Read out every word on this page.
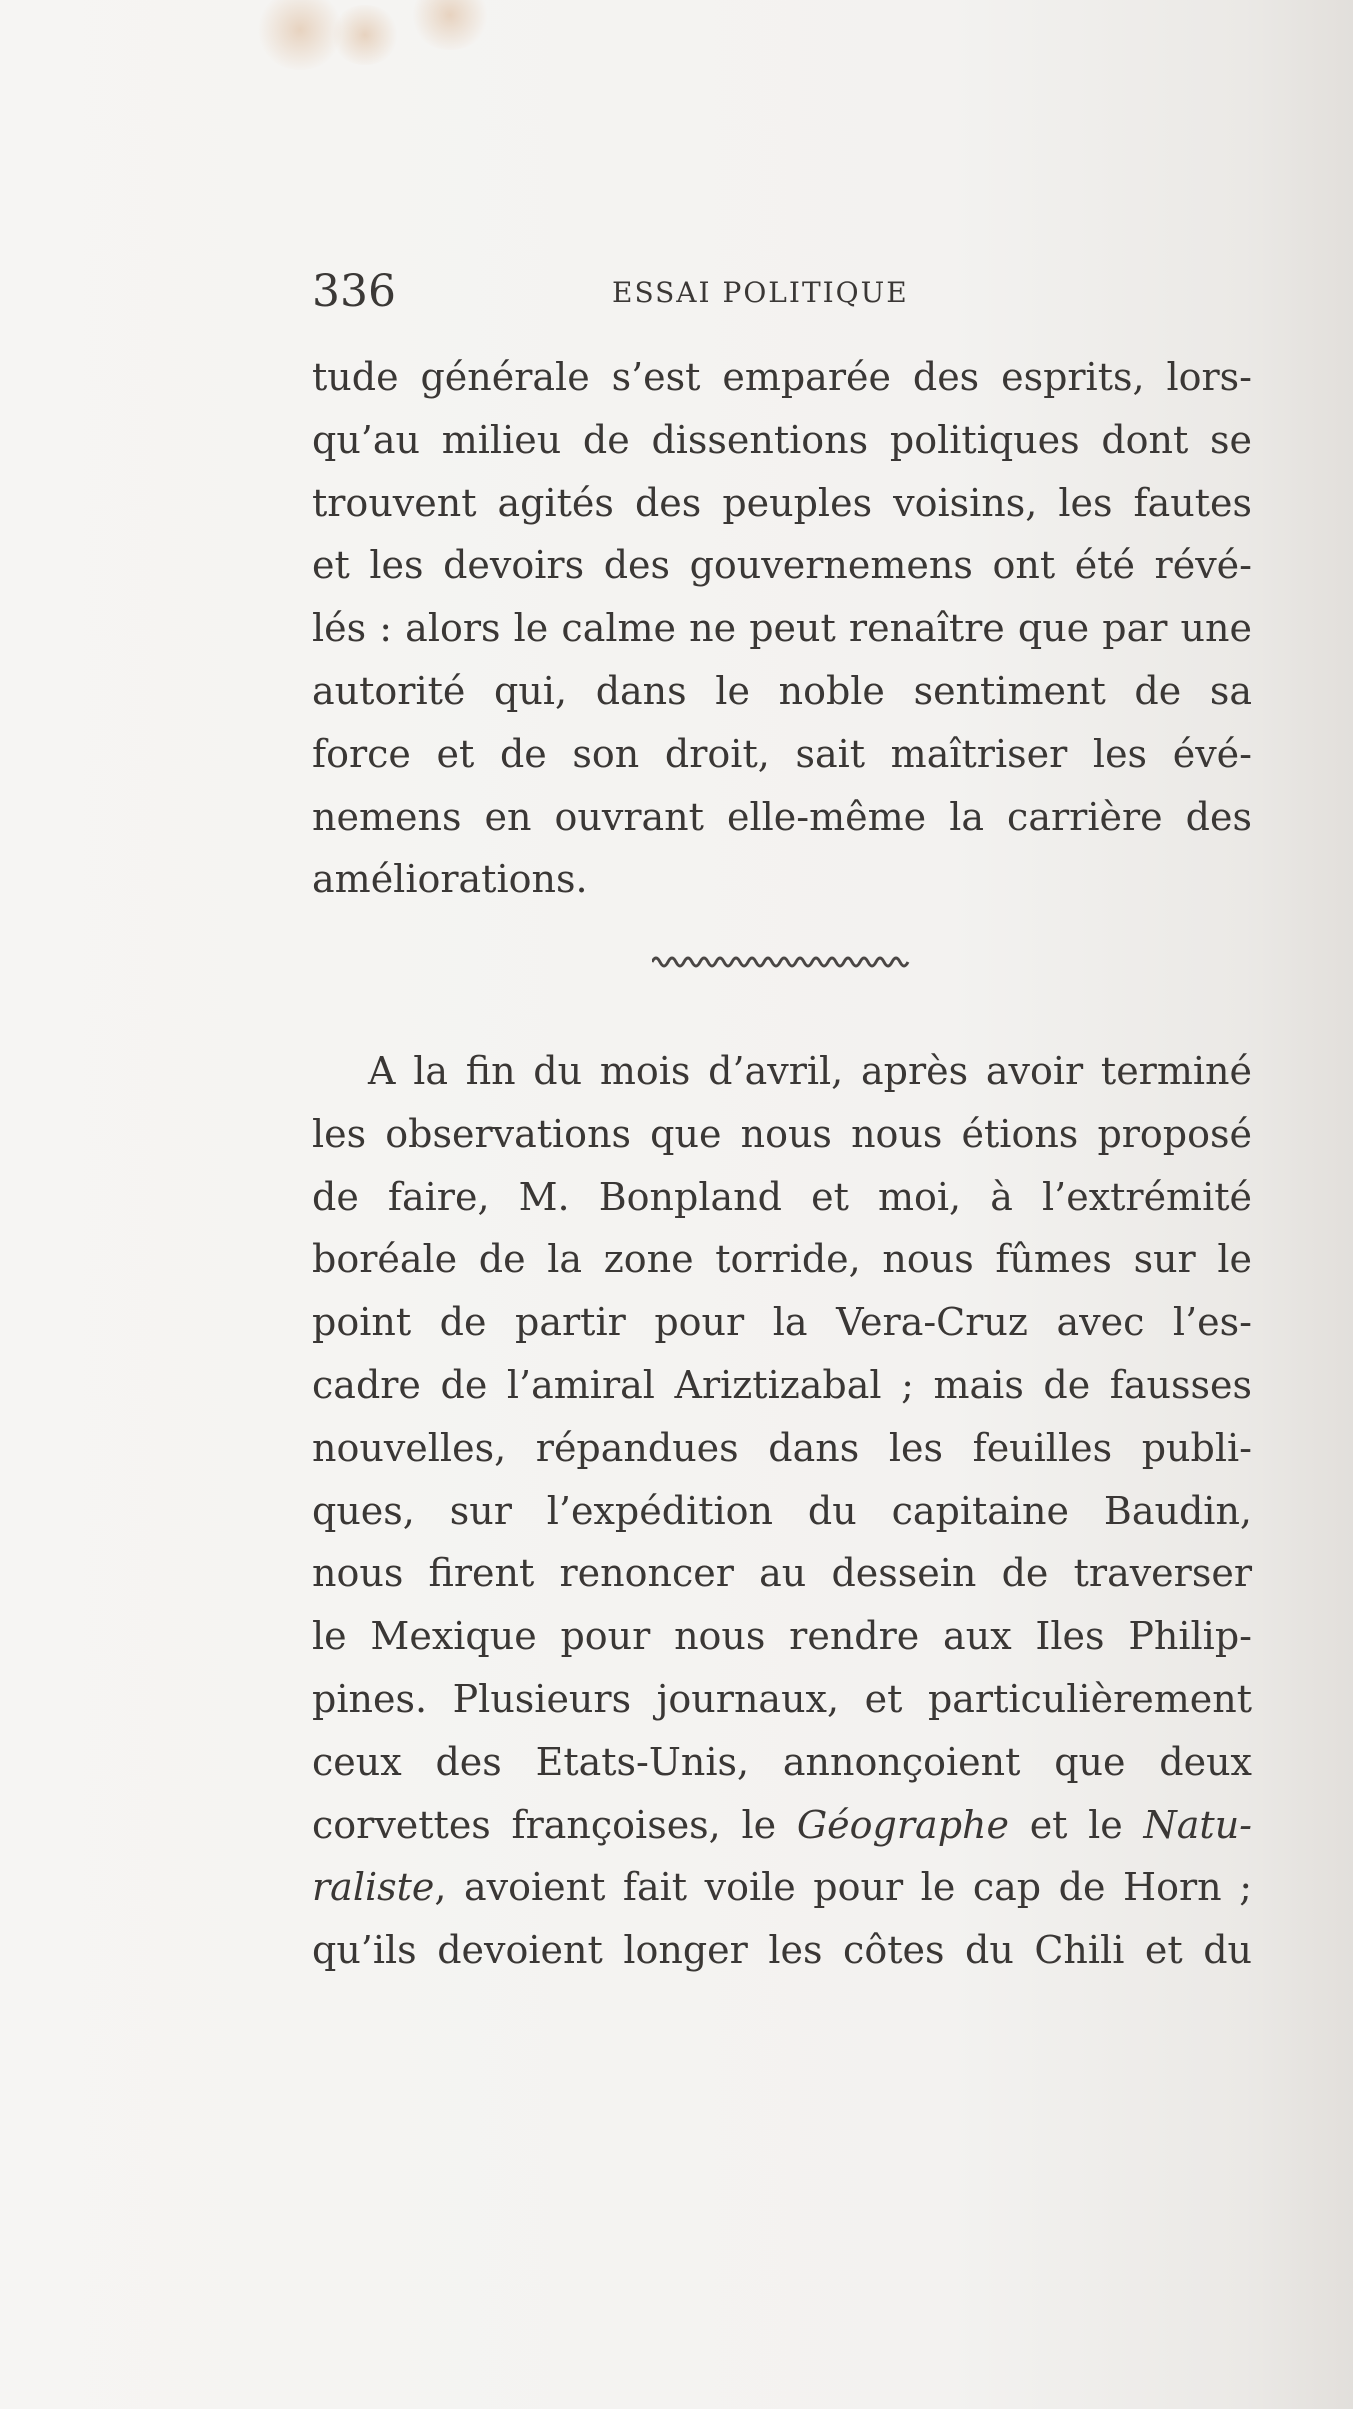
336	ESSAI POLITIQUE
tude générale s’est emparée des esprits, lors-
qu’au milieu de dissentions politiques dont se
trouvent agités des peuples voisins, les fautes
et les devoirs des gouvernemens ont été révé-
lés : alors le calme ne peut renaître que par une
autorité qui, dans le noble sentiment de sa
force et de son droit, sait maîtriser les évé-
nemens en ouvrant elle-même la carrière des
améliorations.
A la fin du mois d’avril, après avoir terminé
les observations que nous nous étions proposé
de faire, M. Bonpland et moi, à l’extrémité
boréale de la zone torride, nous fûmes sur le
point de partir pour la Vera-Cruz avec l’es-
cadre de l’amiral Ariztizabal ; mais de fausses
nouvelles, répandues dans les feuilles publi-
ques, sur l’expédition du capitaine Baudin,
nous firent renoncer au dessein de traverser
le Mexique pour nous rendre aux Iles Philip-
pines. Plusieurs journaux, et particulièrement
ceux des Etats-Unis, annonçoient que deux
corvettes françoises, le Géographe et le Natu-
raliste, avoient fait voile pour le cap de Horn ;
qu’ils devoient longer les côtes du Chili et du
